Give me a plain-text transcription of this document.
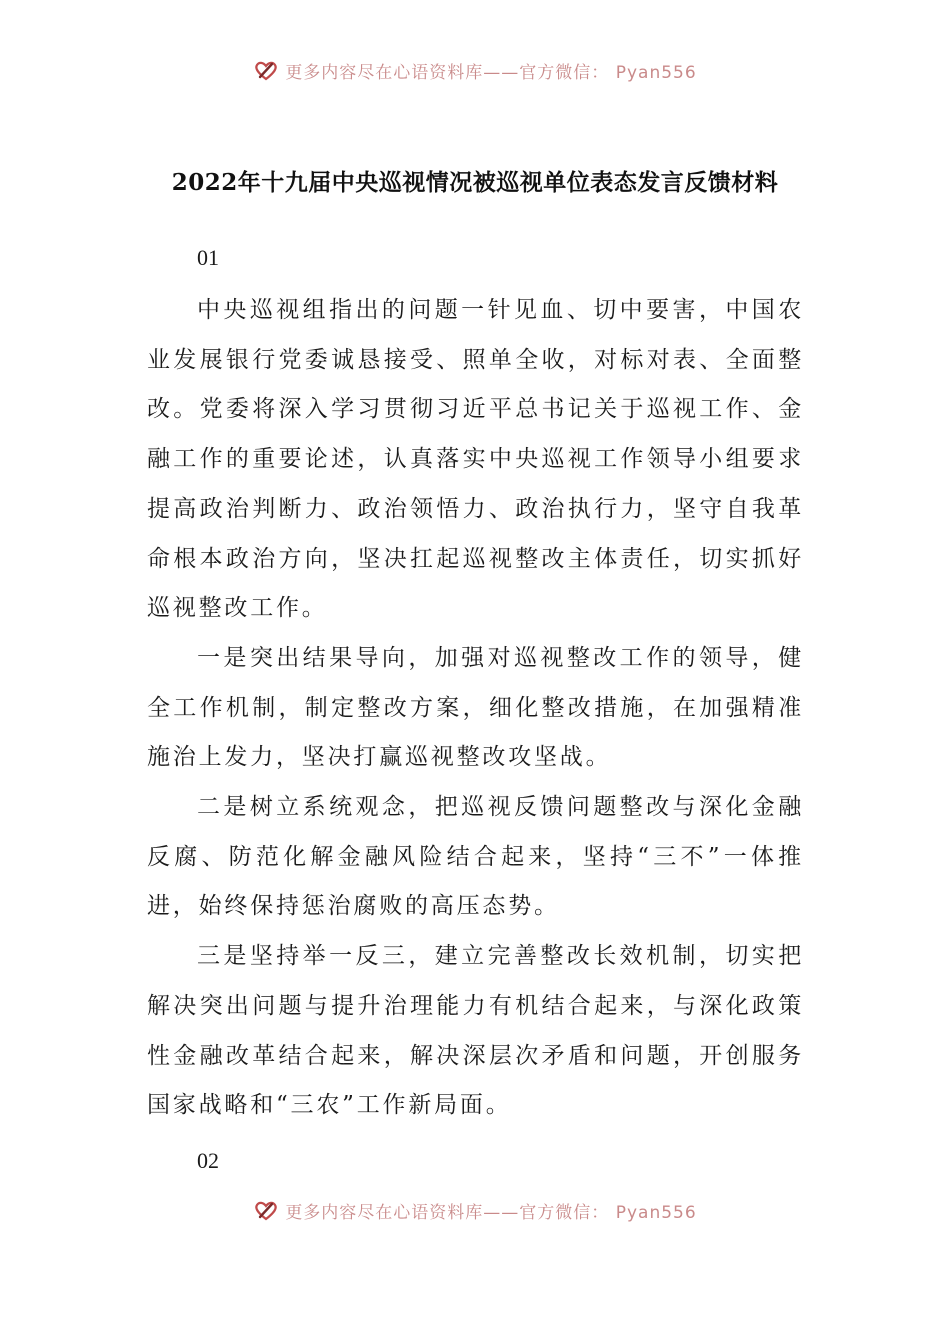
更多内容尽在心语资料库——官方微信： Pyan556
2022年十九届中央巡视情况被巡视单位表态发言反馈材料
01

中央巡视组指出的问题一针见血、切中要害，中国农业发展银行党委诚恳接受、照单全收，对标对表、全面整改。党委将深入学习贯彻习近平总书记关于巡视工作、金融工作的重要论述，认真落实中央巡视工作领导小组要求提高政治判断力、政治领悟力、政治执行力，坚守自我革命根本政治方向，坚决扛起巡视整改主体责任，切实抓好巡视整改工作。

一是突出结果导向，加强对巡视整改工作的领导，健全工作机制，制定整改方案，细化整改措施，在加强精准施治上发力，坚决打赢巡视整改攻坚战。

二是树立系统观念，把巡视反馈问题整改与深化金融反腐、防范化解金融风险结合起来，坚持“三不”一体推进，始终保持惩治腐败的高压态势。

三是坚持举一反三，建立完善整改长效机制，切实把解决突出问题与提升治理能力有机结合起来，与深化政策性金融改革结合起来，解决深层次矛盾和问题，开创服务国家战略和“三农”工作新局面。

02
更多内容尽在心语资料库——官方微信： Pyan556
